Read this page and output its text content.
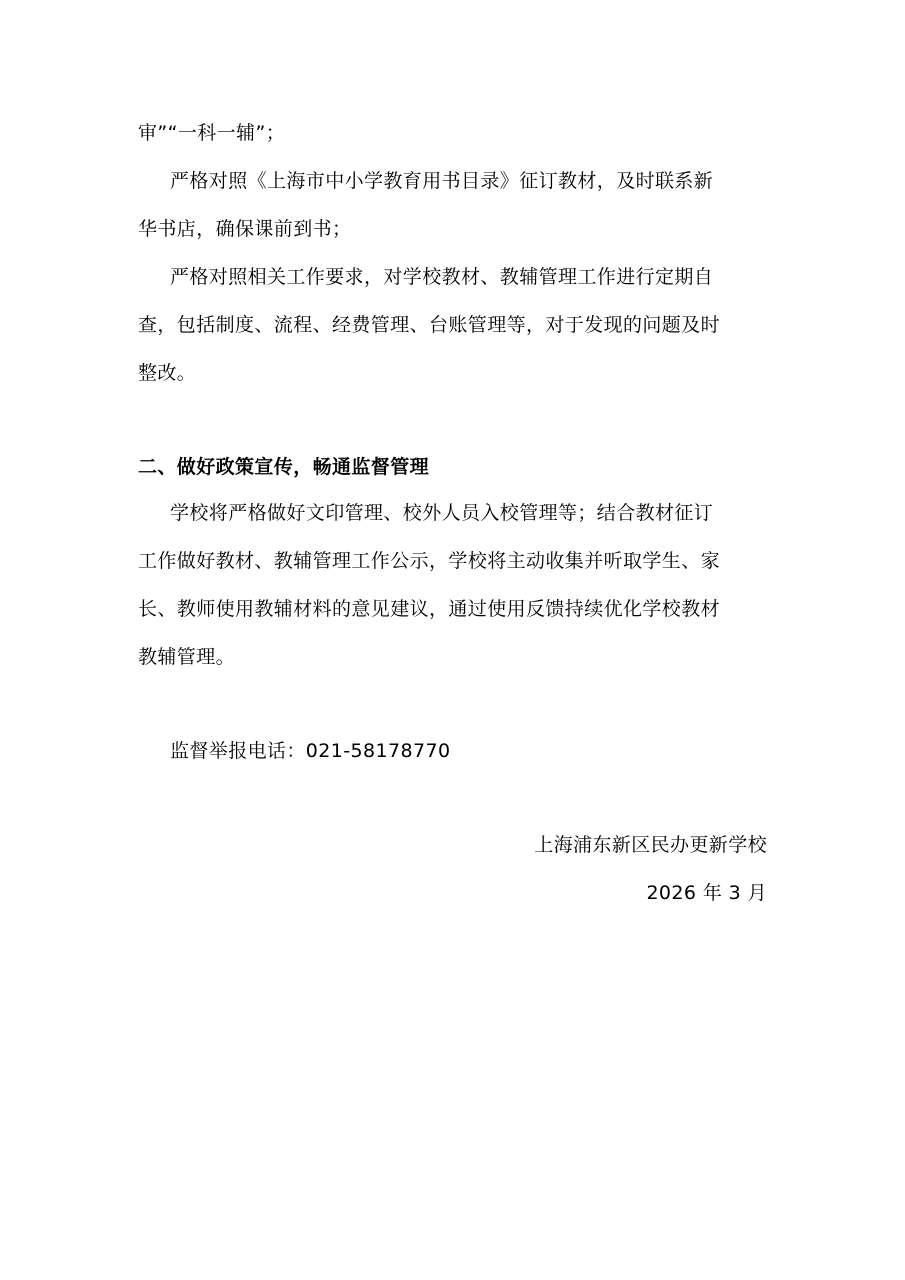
审”“一科一辅”；
严格对照《上海市中小学教育用书目录》征订教材，及时联系新
华书店，确保课前到书；
严格对照相关工作要求，对学校教材、教辅管理工作进行定期自
查，包括制度、流程、经费管理、台账管理等，对于发现的问题及时
整改。
二、做好政策宣传，畅通监督管理
学校将严格做好文印管理、校外人员入校管理等；结合教材征订
工作做好教材、教辅管理工作公示，学校将主动收集并听取学生、家
长、教师使用教辅材料的意见建议，通过使用反馈持续优化学校教材
教辅管理。
监督举报电话：021-58178770
上海浦东新区民办更新学校
2026 年 3 月
